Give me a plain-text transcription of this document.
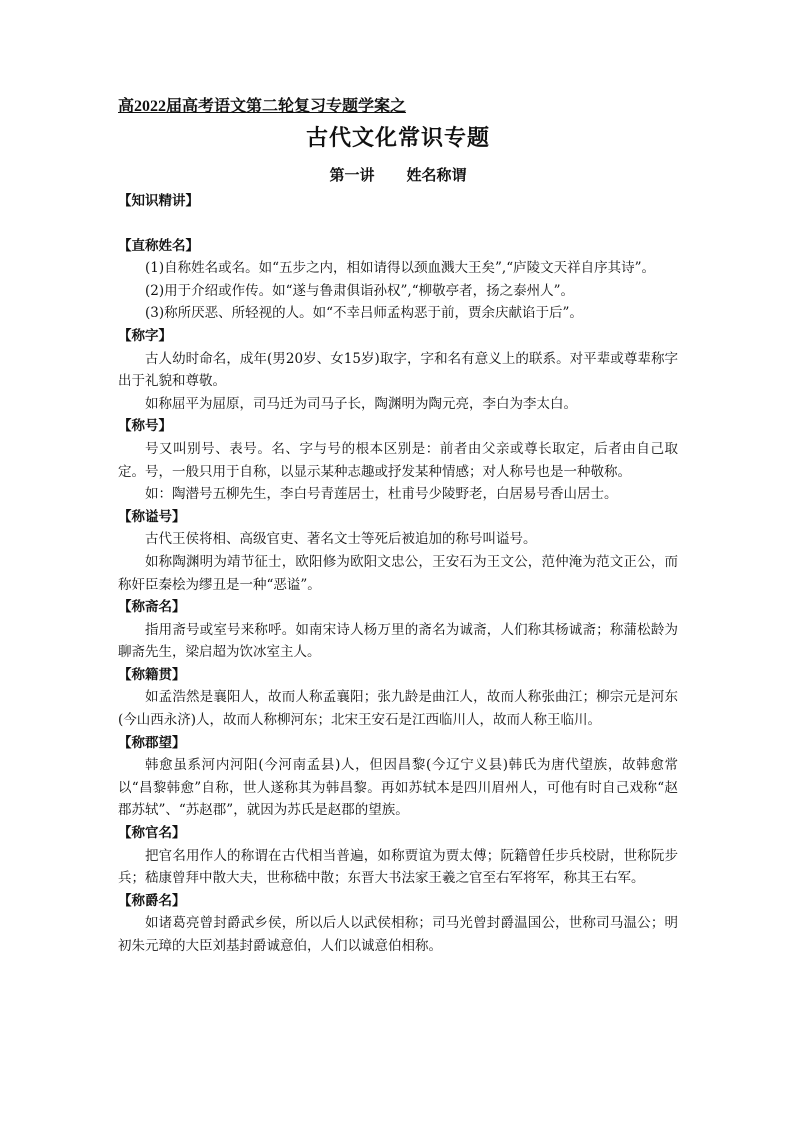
高2022届高考语文第二轮复习专题学案之
古代文化常识专题
第一讲 姓名称谓
【知识精讲】
【直称姓名】

(1)自称姓名或名。如“五步之内，相如请得以颈血溅大王矣”,“庐陵文天祥自序其诗”。

(2)用于介绍或作传。如“遂与鲁肃俱诣孙权”,“柳敬亭者，扬之泰州人”。

(3)称所厌恶、所轻视的人。如“不幸吕师孟构恶于前，贾余庆献谄于后”。

【称字】

古人幼时命名，成年(男20岁、女15岁)取字，字和名有意义上的联系。对平辈或尊辈称字出于礼貌和尊敬。

如称屈平为屈原，司马迁为司马子长，陶渊明为陶元亮，李白为李太白。

【称号】

号又叫别号、表号。名、字与号的根本区别是：前者由父亲或尊长取定，后者由自己取定。号，一般只用于自称，以显示某种志趣或抒发某种情感；对人称号也是一种敬称。

如：陶潜号五柳先生，李白号青莲居士，杜甫号少陵野老，白居易号香山居士。

【称谥号】

古代王侯将相、高级官吏、著名文士等死后被追加的称号叫谥号。

如称陶渊明为靖节征士，欧阳修为欧阳文忠公，王安石为王文公，范仲淹为范文正公，而称奸臣秦桧为缪丑是一种“恶谥”。

【称斋名】

指用斋号或室号来称呼。如南宋诗人杨万里的斋名为诚斋，人们称其杨诚斋；称蒲松龄为聊斋先生，梁启超为饮冰室主人。

【称籍贯】

如孟浩然是襄阳人，故而人称孟襄阳；张九龄是曲江人，故而人称张曲江；柳宗元是河东(今山西永济)人，故而人称柳河东；北宋王安石是江西临川人，故而人称王临川。

【称郡望】

韩愈虽系河内河阳(今河南孟县)人，但因昌黎(今辽宁义县)韩氏为唐代望族，故韩愈常以“昌黎韩愈”自称，世人遂称其为韩昌黎。再如苏轼本是四川眉州人，可他有时自己戏称“赵郡苏轼”、“苏赵郡”，就因为苏氏是赵郡的望族。

【称官名】

把官名用作人的称谓在古代相当普遍，如称贾谊为贾太傅；阮籍曾任步兵校尉，世称阮步兵；嵇康曾拜中散大夫，世称嵇中散；东晋大书法家王羲之官至右军将军，称其王右军。

【称爵名】

如诸葛亮曾封爵武乡侯，所以后人以武侯相称；司马光曾封爵温国公，世称司马温公；明初朱元璋的大臣刘基封爵诚意伯，人们以诚意伯相称。
